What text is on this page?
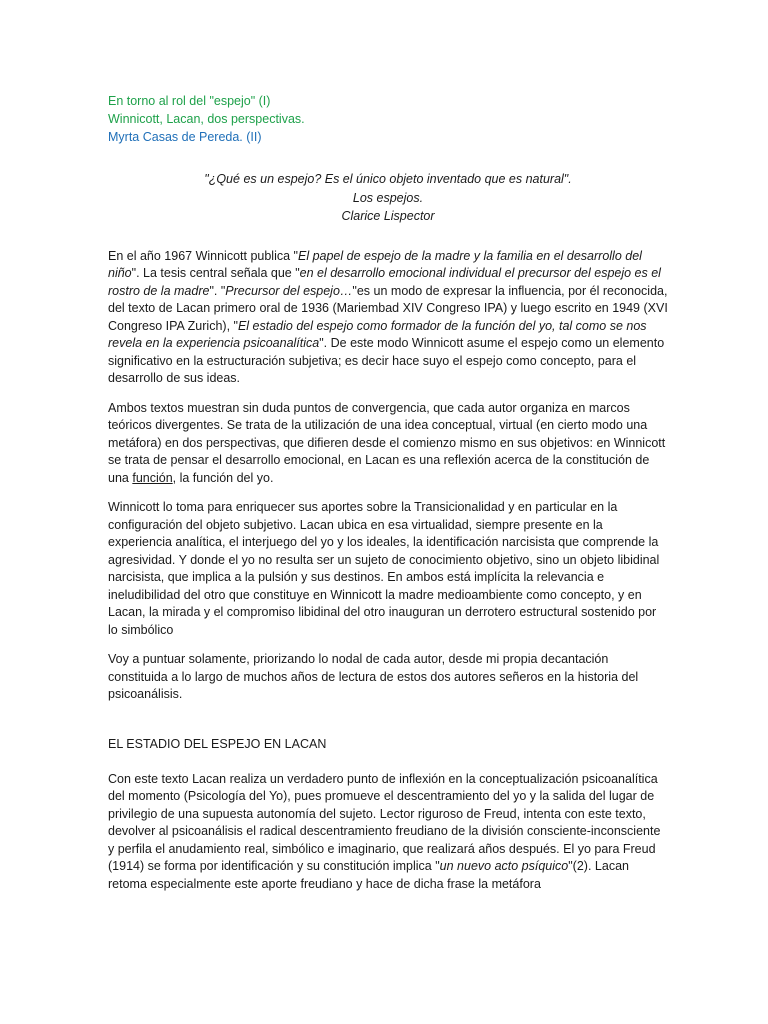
En torno al rol del "espejo" (I)
Winnicott, Lacan, dos perspectivas.
Myrta Casas de Pereda. (II)
"¿Qué es un espejo? Es el único objeto inventado que es natural".
Los espejos.
Clarice Lispector

En el año 1967 Winnicott publica "El papel de espejo de la madre y la familia en el desarrollo del niño". La tesis central señala que "en el desarrollo emocional individual el precursor del espejo es el rostro de la madre". "Precursor del espejo…"es un modo de expresar la influencia, por él reconocida, del texto de Lacan primero oral de 1936 (Mariembad XIV Congreso IPA) y luego escrito en 1949 (XVI Congreso IPA Zurich), "El estadio del espejo como formador de la función del yo, tal como se nos revela en la experiencia psicoanalítica". De este modo Winnicott asume el espejo como un elemento significativo en la estructuración subjetiva; es decir hace suyo el espejo como concepto, para el desarrollo de sus ideas.

Ambos textos muestran sin duda puntos de convergencia, que cada autor organiza en marcos teóricos divergentes. Se trata de la utilización de una idea conceptual, virtual (en cierto modo una metáfora) en dos perspectivas, que difieren desde el comienzo mismo en sus objetivos: en Winnicott se trata de pensar el desarrollo emocional, en Lacan es una reflexión acerca de la constitución de una función, la función del yo.

Winnicott lo toma para enriquecer sus aportes sobre la Transicionalidad y en particular en la configuración del objeto subjetivo. Lacan ubica en esa virtualidad, siempre presente en la experiencia analítica, el interjuego del yo y los ideales, la identificación narcisista que comprende la agresividad. Y donde el yo no resulta ser un sujeto de conocimiento objetivo, sino un objeto libidinal narcisista, que implica a la pulsión y sus destinos. En ambos está implícita la relevancia e ineludibilidad del otro que constituye en Winnicott la madre medioambiente como concepto, y en Lacan, la mirada y el compromiso libidinal del otro inauguran un derrotero estructural sostenido por lo simbólico

Voy a puntuar solamente, priorizando lo nodal de cada autor, desde mi propia decantación constituida a lo largo de muchos años de lectura de estos dos autores señeros en la historia del psicoanálisis.

EL ESTADIO DEL ESPEJO EN LACAN

Con este texto Lacan realiza un verdadero punto de inflexión en la conceptualización psicoanalítica del momento (Psicología del Yo), pues promueve el descentramiento del yo y la salida del lugar de privilegio de una supuesta autonomía del sujeto. Lector riguroso de Freud, intenta con este texto, devolver al psicoanálisis el radical descentramiento freudiano de la división consciente-inconsciente y perfila el anudamiento real, simbólico e imaginario, que realizará años después. El yo para Freud (1914) se forma por identificación y su constitución implica "un nuevo acto psíquico"(2). Lacan retoma especialmente este aporte freudiano y hace de dicha frase la metáfora
